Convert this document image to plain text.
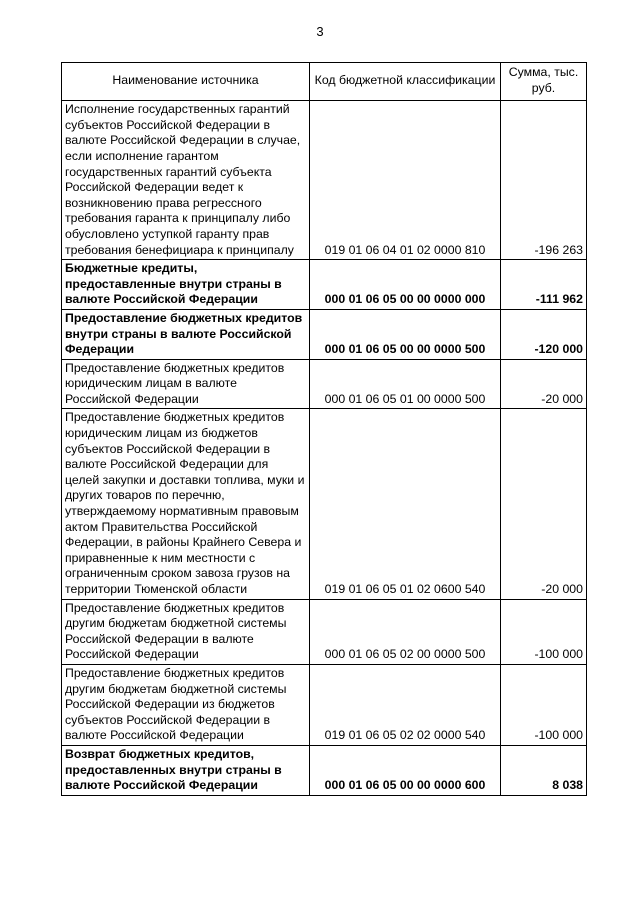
3
Наименование источника	Код бюджетной классификации	Сумма, тыс. руб.
Исполнение государственных гарантий субъектов Российской Федерации в валюте Российской Федерации в случае, если исполнение гарантом государственных гарантий субъекта Российской Федерации ведет к возникновению права регрессного требования гаранта к принципалу либо обусловлено уступкой гаранту прав требования бенефициара к принципалу	019 01 06 04 01 02 0000 810	-196 263
Бюджетные кредиты, предоставленные внутри страны в валюте Российской Федерации	000 01 06 05 00 00 0000 000	-111 962
Предоставление бюджетных кредитов внутри страны в валюте Российской Федерации	000 01 06 05 00 00 0000 500	-120 000
Предоставление бюджетных кредитов юридическим лицам в валюте Российской Федерации	000 01 06 05 01 00 0000 500	-20 000
Предоставление бюджетных кредитов юридическим лицам из бюджетов субъектов Российской Федерации в валюте Российской Федерации для целей закупки и доставки топлива, муки и других товаров по перечню, утверждаемому нормативным правовым актом Правительства Российской Федерации, в районы Крайнего Севера и приравненные к ним местности с ограниченным сроком завоза грузов на территории Тюменской области	019 01 06 05 01 02 0600 540	-20 000
Предоставление бюджетных кредитов другим бюджетам бюджетной системы Российской Федерации в валюте Российской Федерации	000 01 06 05 02 00 0000 500	-100 000
Предоставление бюджетных кредитов другим бюджетам бюджетной системы Российской Федерации из бюджетов субъектов Российской Федерации в валюте Российской Федерации	019 01 06 05 02 02 0000 540	-100 000
Возврат бюджетных кредитов, предоставленных внутри страны в валюте Российской Федерации	000 01 06 05 00 00 0000 600	8 038
